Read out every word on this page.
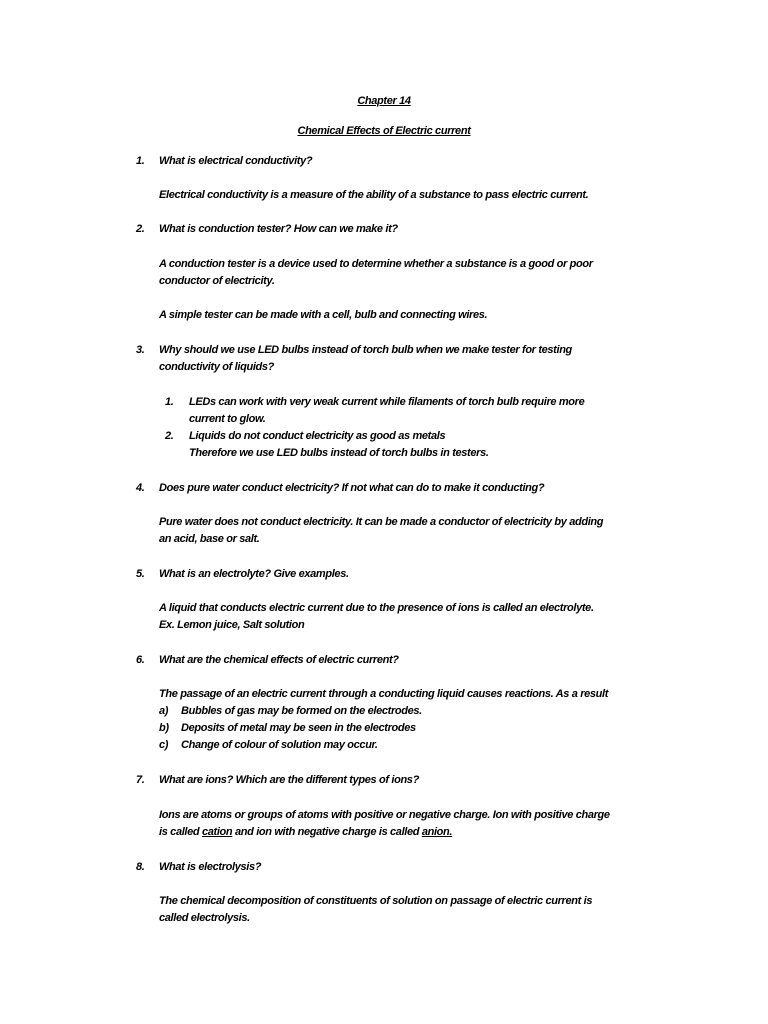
Chapter 14
Chemical Effects of Electric current
1. What is electrical conductivity?
Electrical conductivity is a measure of the ability of a substance to pass electric current.
2. What is conduction tester? How can we make it?
A conduction tester is a device used to determine whether a substance is a good or poor
conductor of electricity.
A simple tester can be made with a cell, bulb and connecting wires.
3. Why should we use LED bulbs instead of torch bulb when we make tester for testing
conductivity of liquids?
1. LEDs can work with very weak current while filaments of torch bulb require more
current to glow.
2. Liquids do not conduct electricity as good as metals
Therefore we use LED bulbs instead of torch bulbs in testers.
4. Does pure water conduct electricity? If not what can do to make it conducting?
Pure water does not conduct electricity. It can be made a conductor of electricity by adding
an acid, base or salt.
5. What is an electrolyte? Give examples.
A liquid that conducts electric current due to the presence of ions is called an electrolyte.
Ex. Lemon juice, Salt solution
6. What are the chemical effects of electric current?
The passage of an electric current through a conducting liquid causes reactions. As a result
a) Bubbles of gas may be formed on the electrodes.
b) Deposits of metal may be seen in the electrodes
c) Change of colour of solution may occur.
7. What are ions? Which are the different types of ions?
Ions are atoms or groups of atoms with positive or negative charge. Ion with positive charge
is called cation and ion with negative charge is called anion.
8. What is electrolysis?
The chemical decomposition of constituents of solution on passage of electric current is
called electrolysis.
